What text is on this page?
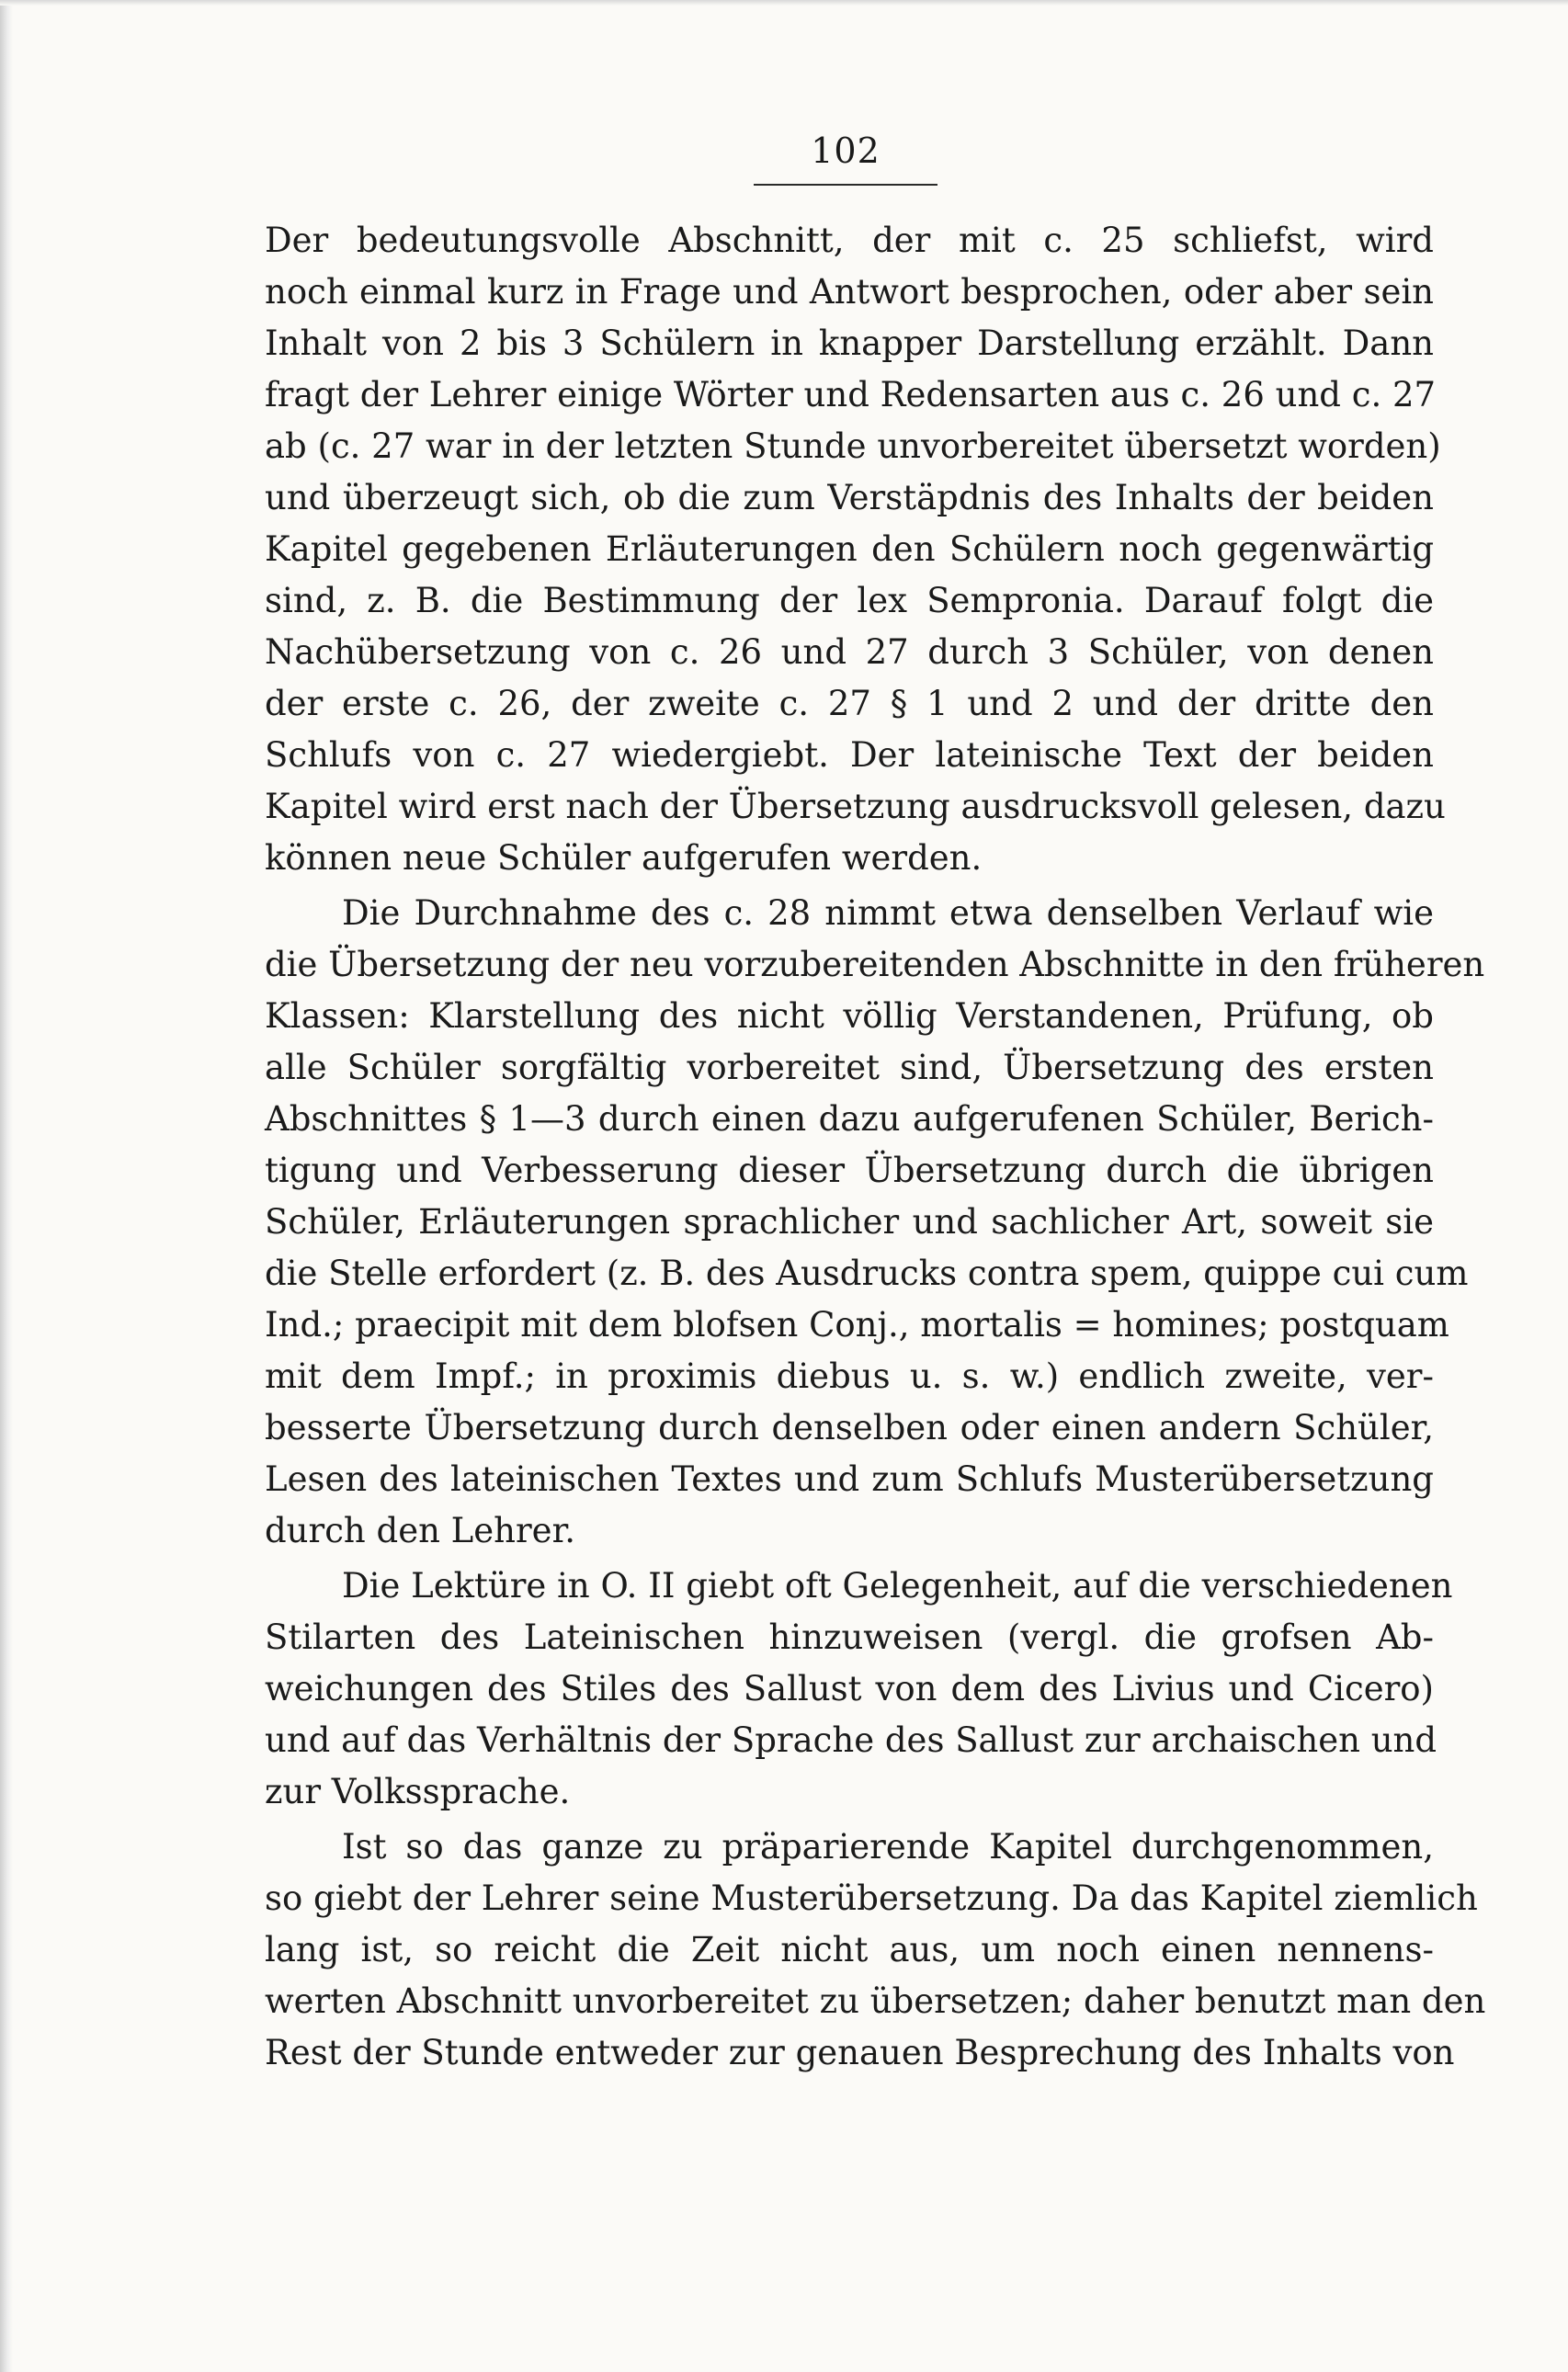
102
Der bedeutungsvolle Abschnitt, der mit c. 25 schliefst, wird
noch einmal kurz in Frage und Antwort besprochen, oder aber sein
Inhalt von 2 bis 3 Schülern in knapper Darstellung erzählt. Dann
fragt der Lehrer einige Wörter und Redensarten aus c. 26 und c. 27
ab (c. 27 war in der letzten Stunde unvorbereitet übersetzt worden)
und überzeugt sich, ob die zum Verstäpdnis des Inhalts der beiden
Kapitel gegebenen Erläuterungen den Schülern noch gegenwärtig
sind, z. B. die Bestimmung der lex Sempronia. Darauf folgt die
Nachübersetzung von c. 26 und 27 durch 3 Schüler, von denen
der erste c. 26, der zweite c. 27 § 1 und 2 und der dritte den
Schlufs von c. 27 wiedergiebt. Der lateinische Text der beiden
Kapitel wird erst nach der Übersetzung ausdrucksvoll gelesen, dazu
können neue Schüler aufgerufen werden.
Die Durchnahme des c. 28 nimmt etwa denselben Verlauf wie
die Übersetzung der neu vorzubereitenden Abschnitte in den früheren
Klassen: Klarstellung des nicht völlig Verstandenen, Prüfung, ob
alle Schüler sorgfältig vorbereitet sind, Übersetzung des ersten
Abschnittes § 1—3 durch einen dazu aufgerufenen Schüler, Berich-
tigung und Verbesserung dieser Übersetzung durch die übrigen
Schüler, Erläuterungen sprachlicher und sachlicher Art, soweit sie
die Stelle erfordert (z. B. des Ausdrucks contra spem, quippe cui cum
Ind.; praecipit mit dem blofsen Conj., mortalis = homines; postquam
mit dem Impf.; in proximis diebus u. s. w.) endlich zweite, ver-
besserte Übersetzung durch denselben oder einen andern Schüler,
Lesen des lateinischen Textes und zum Schlufs Musterübersetzung
durch den Lehrer.
Die Lektüre in O. II giebt oft Gelegenheit, auf die verschiedenen
Stilarten des Lateinischen hinzuweisen (vergl. die grofsen Ab-
weichungen des Stiles des Sallust von dem des Livius und Cicero)
und auf das Verhältnis der Sprache des Sallust zur archaischen und
zur Volkssprache.
Ist so das ganze zu präparierende Kapitel durchgenommen,
so giebt der Lehrer seine Musterübersetzung. Da das Kapitel ziemlich
lang ist, so reicht die Zeit nicht aus, um noch einen nennens-
werten Abschnitt unvorbereitet zu übersetzen; daher benutzt man den
Rest der Stunde entweder zur genauen Besprechung des Inhalts von
